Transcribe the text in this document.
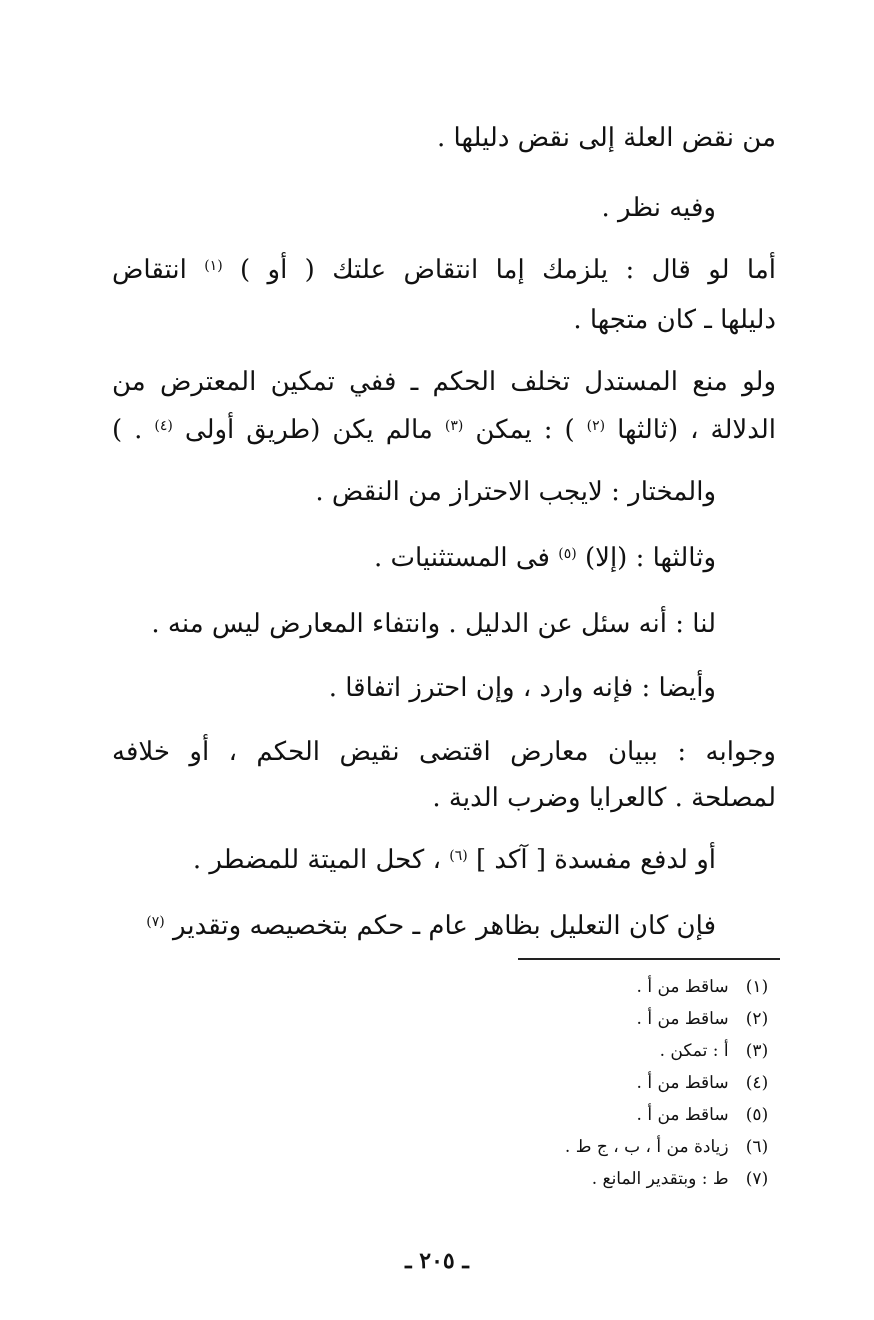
من نقض العلة إلى نقض دليلها .
وفيه نظر .
أما لو قال : يلزمك إما انتقاض علتك ( أو ) $^{(١)}$ انتقاض
دليلها ـ كان متجها .
ولو منع المستدل تخلف الحكم ـ ففي تمكين المعترض من
الدلالة ، (ثالثها $^{(٢)}$ ) : يمكن $^{(٣)}$ مالم يكن (طريق أولى $^{(٤)}$ . )
والمختار : لايجب الاحتراز من النقض .
وثالثها : (إلا) $^{(٥)}$ فى المستثنيات .
لنا : أنه سئل عن الدليل . وانتفاء المعارض ليس منه .
وأيضا : فإنه وارد ، وإن احترز اتفاقا .
وجوابه : ببيان معارض اقتضى نقيض الحكم ، أو خلافه
لمصلحة . كالعرايا وضرب الدية .
أو لدفع مفسدة [ آكد ] $^{(٦)}$ ، كحل الميتة للمضطر .
فإن كان التعليل بظاهر عام ـ حكم بتخصيصه وتقدير $^{(٧)}$
(١) ساقط من أ .
(٢) ساقط من أ .
(٣) أ : تمكن .
(٤) ساقط من أ .
(٥) ساقط من أ .
(٦) زيادة من أ ، ب ، ج ط .
(٧) ط : وبتقدير المانع .
ـ ٢٠٥ ـ
